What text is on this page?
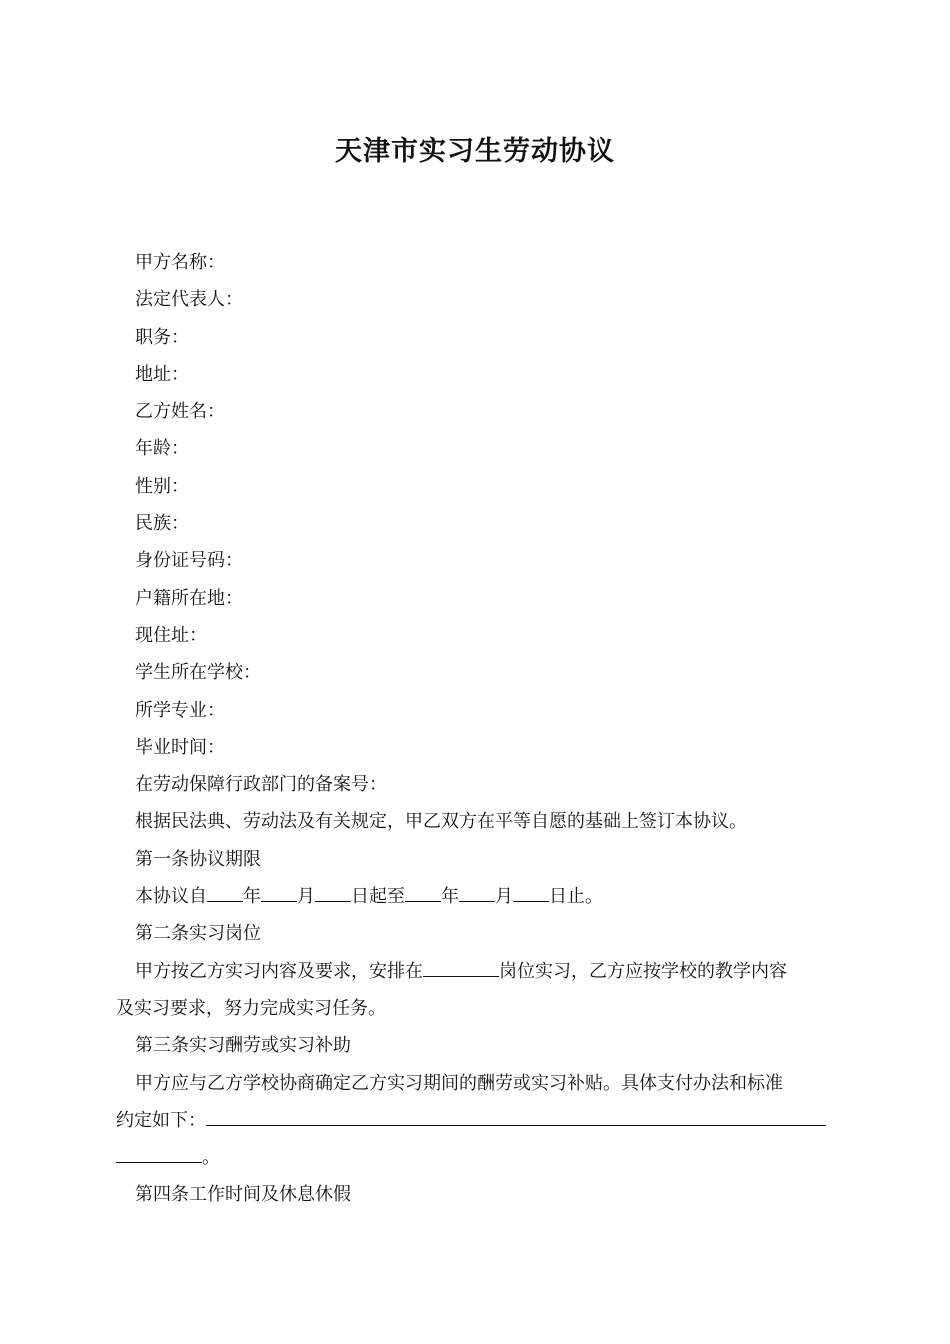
天津市实习生劳动协议
甲方名称：
法定代表人：
职务：
地址：
乙方姓名：
年龄：
性别：
民族：
身份证号码：
户籍所在地：
现住址：
学生所在学校：
所学专业：
毕业时间：
在劳动保障行政部门的备案号：
根据民法典、劳动法及有关规定，甲乙双方在平等自愿的基础上签订本协议。
第一条协议期限
本协议自 年 月 日起至 年 月 日止。
第二条实习岗位
甲方按乙方实习内容及要求，安排在	岗位实习，乙方应按学校的教学内容
及实习要求，努力完成实习任务。
第三条实习酬劳或实习补助
甲方应与乙方学校协商确定乙方实习期间的酬劳或实习补贴。具体支付办法和标准
约定如下：
。
第四条工作时间及休息休假
